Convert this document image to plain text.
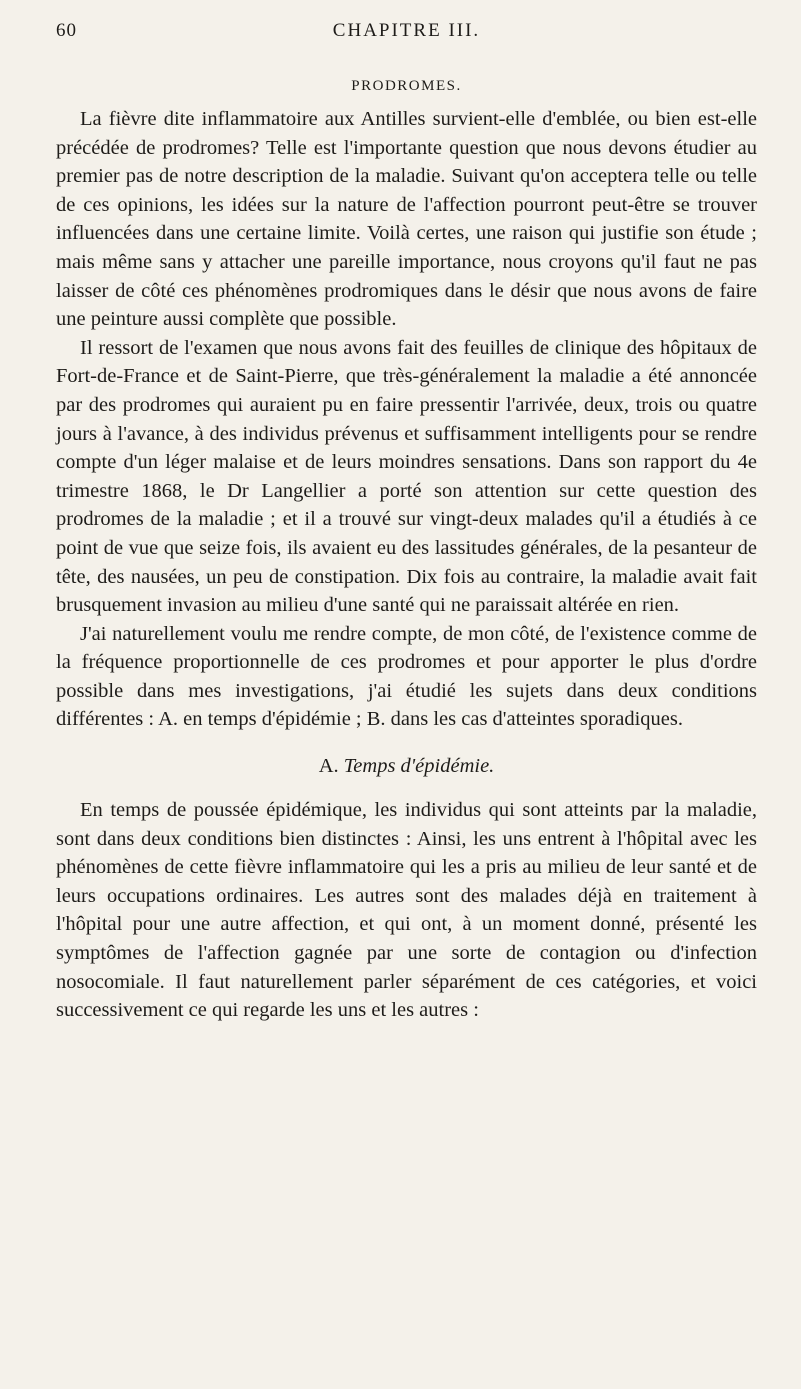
60	CHAPITRE III.
PRODROMES.

La fièvre dite inflammatoire aux Antilles survient-elle d'emblée, ou bien est-elle précédée de prodromes? Telle est l'importante question que nous devons étudier au premier pas de notre description de la maladie. Suivant qu'on acceptera telle ou telle de ces opinions, les idées sur la nature de l'affection pourront peut-être se trouver influencées dans une certaine limite. Voilà certes, une raison qui justifie son étude ; mais même sans y attacher une pareille importance, nous croyons qu'il faut ne pas laisser de côté ces phénomènes prodromiques dans le désir que nous avons de faire une peinture aussi complète que possible.

Il ressort de l'examen que nous avons fait des feuilles de clinique des hôpitaux de Fort-de-France et de Saint-Pierre, que très-généralement la maladie a été annoncée par des prodromes qui auraient pu en faire pressentir l'arrivée, deux, trois ou quatre jours à l'avance, à des individus prévenus et suffisamment intelligents pour se rendre compte d'un léger malaise et de leurs moindres sensations. Dans son rapport du 4e trimestre 1868, le Dr Langellier a porté son attention sur cette question des prodromes de la maladie ; et il a trouvé sur vingt-deux malades qu'il a étudiés à ce point de vue que seize fois, ils avaient eu des lassitudes générales, de la pesanteur de tête, des nausées, un peu de constipation. Dix fois au contraire, la maladie avait fait brusquement invasion au milieu d'une santé qui ne paraissait altérée en rien.

J'ai naturellement voulu me rendre compte, de mon côté, de l'existence comme de la fréquence proportionnelle de ces prodromes et pour apporter le plus d'ordre possible dans mes investigations, j'ai étudié les sujets dans deux conditions différentes : A. en temps d'épidémie ; B. dans les cas d'atteintes sporadiques.

A. Temps d'épidémie.

En temps de poussée épidémique, les individus qui sont atteints par la maladie, sont dans deux conditions bien distinctes : Ainsi, les uns entrent à l'hôpital avec les phénomènes de cette fièvre inflammatoire qui les a pris au milieu de leur santé et de leurs occupations ordinaires. Les autres sont des malades déjà en traitement à l'hôpital pour une autre affection, et qui ont, à un moment donné, présenté les symptômes de l'affection gagnée par une sorte de contagion ou d'infection nosocomiale. Il faut naturellement parler séparément de ces catégories, et voici successivement ce qui regarde les uns et les autres :
